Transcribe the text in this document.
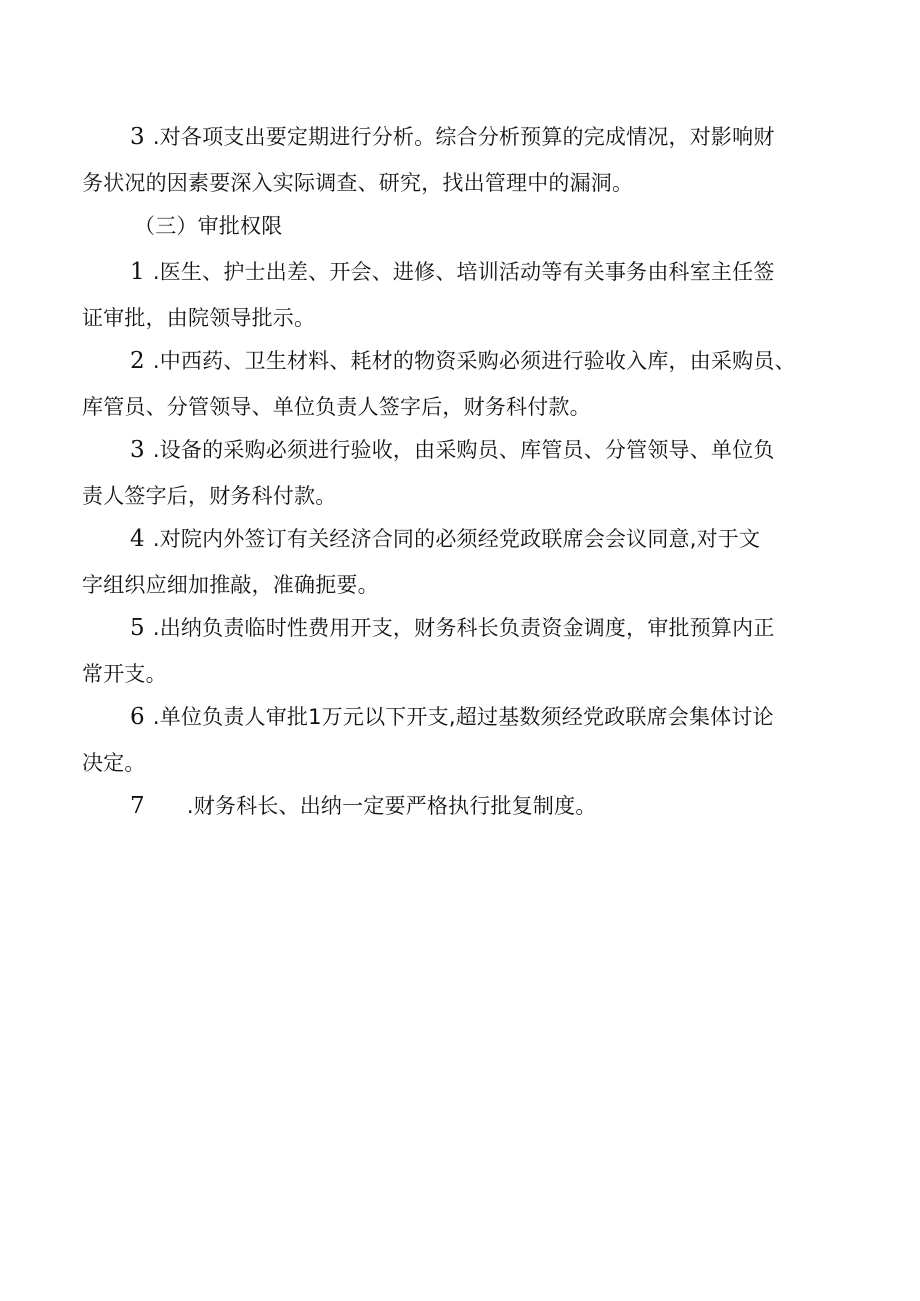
3 .对各项支出要定期进行分析。综合分析预算的完成情况，对影响财
务状况的因素要深入实际调查、研究，找出管理中的漏洞。
（三）审批权限
1 .医生、护士出差、开会、进修、培训活动等有关事务由科室主任签
证审批，由院领导批示。
2 .中西药、卫生材料、耗材的物资采购必须进行验收入库，由采购员、
库管员、分管领导、单位负责人签字后，财务科付款。
3 .设备的采购必须进行验收，由采购员、库管员、分管领导、单位负
责人签字后，财务科付款。
4 .对院内外签订有关经济合同的必须经党政联席会会议同意,对于文
字组织应细加推敲，准确扼要。
5 .出纳负责临时性费用开支，财务科长负责资金调度，审批预算内正
常开支。
6 .单位负责人审批1万元以下开支,超过基数须经党政联席会集体讨论
决定。
7 .财务科长、出纳一定要严格执行批复制度。
